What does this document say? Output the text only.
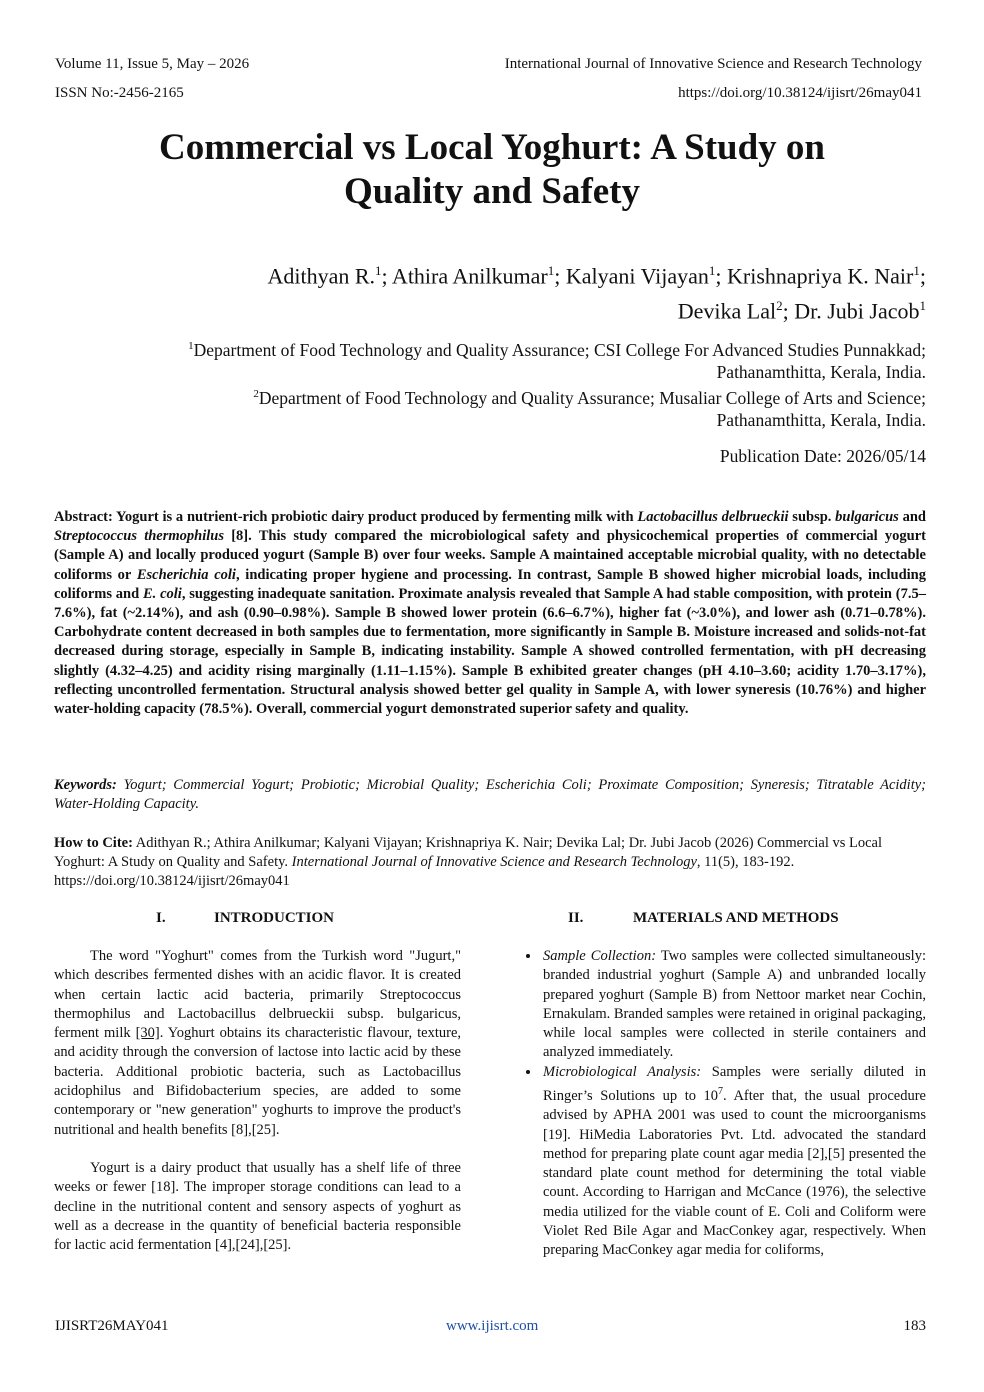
Volume 11, Issue 5, May – 2026
ISSN No:-2456-2165
International Journal of Innovative Science and Research Technology
https://doi.org/10.38124/ijisrt/26may041
Commercial vs Local Yoghurt: A Study on
Quality and Safety
Adithyan R.$^1$; Athira Anilkumar$^1$; Kalyani Vijayan$^1$; Krishnapriya K. Nair$^1$;
Devika Lal$^2$; Dr. Jubi Jacob$^1$
$^1$Department of Food Technology and Quality Assurance; CSI College For Advanced Studies Punnakkad;
Pathanamthitta, Kerala, India.
$^2$Department of Food Technology and Quality Assurance; Musaliar College of Arts and Science;
Pathanamthitta, Kerala, India.
Publication Date: 2026/05/14
Abstract: Yogurt is a nutrient-rich probiotic dairy product produced by fermenting milk with Lactobacillus delbrueckii subsp. bulgaricus and Streptococcus thermophilus [8]. This study compared the microbiological safety and physicochemical properties of commercial yogurt (Sample A) and locally produced yogurt (Sample B) over four weeks. Sample A maintained acceptable microbial quality, with no detectable coliforms or Escherichia coli, indicating proper hygiene and processing. In contrast, Sample B showed higher microbial loads, including coliforms and E. coli, suggesting inadequate sanitation. Proximate analysis revealed that Sample A had stable composition, with protein (7.5–7.6%), fat (~2.14%), and ash (0.90–0.98%). Sample B showed lower protein (6.6–6.7%), higher fat (~3.0%), and lower ash (0.71–0.78%). Carbohydrate content decreased in both samples due to fermentation, more significantly in Sample B. Moisture increased and solids-not-fat decreased during storage, especially in Sample B, indicating instability. Sample A showed controlled fermentation, with pH decreasing slightly (4.32–4.25) and acidity rising marginally (1.11–1.15%). Sample B exhibited greater changes (pH 4.10–3.60; acidity 1.70–3.17%), reflecting uncontrolled fermentation. Structural analysis showed better gel quality in Sample A, with lower syneresis (10.76%) and higher water-holding capacity (78.5%). Overall, commercial yogurt demonstrated superior safety and quality.
Keywords: Yogurt; Commercial Yogurt; Probiotic; Microbial Quality; Escherichia Coli; Proximate Composition; Syneresis; Titratable Acidity; Water-Holding Capacity.
How to Cite: Adithyan R.; Athira Anilkumar; Kalyani Vijayan; Krishnapriya K. Nair; Devika Lal; Dr. Jubi Jacob (2026) Commercial vs Local Yoghurt: A Study on Quality and Safety. International Journal of Innovative Science and Research Technology, 11(5), 183-192. https://doi.org/10.38124/ijisrt/26may041
I.	INTRODUCTION	II.	MATERIALS AND METHODS

The word "Yoghurt" comes from the Turkish word "Jugurt," which describes fermented dishes with an acidic flavor. It is created when certain lactic acid bacteria, primarily Streptococcus thermophilus and Lactobacillus delbrueckii subsp. bulgaricus, ferment milk [30]. Yoghurt obtains its characteristic flavour, texture, and acidity through the conversion of lactose into lactic acid by these bacteria. Additional probiotic bacteria, such as Lactobacillus acidophilus and Bifidobacterium species, are added to some contemporary or "new generation" yoghurts to improve the product's nutritional and health benefits [8],[25].

Yogurt is a dairy product that usually has a shelf life of three weeks or fewer [18]. The improper storage conditions can lead to a decline in the nutritional content and sensory aspects of yoghurt as well as a decrease in the quantity of beneficial bacteria responsible for lactic acid fermentation [4],[24],[25].

• Sample Collection: Two samples were collected simultaneously: branded industrial yoghurt (Sample A) and unbranded locally prepared yoghurt (Sample B) from Nettoor market near Cochin, Ernakulam. Branded samples were retained in original packaging, while local samples were collected in sterile containers and analyzed immediately.
• Microbiological Analysis: Samples were serially diluted in Ringer’s Solutions up to $10^7$. After that, the usual procedure advised by APHA 2001 was used to count the microorganisms [19]. HiMedia Laboratories Pvt. Ltd. advocated the standard method for preparing plate count agar media [2],[5] presented the standard plate count method for determining the total viable count. According to Harrigan and McCance (1976), the selective media utilized for the viable count of E. Coli and Coliform were Violet Red Bile Agar and MacConkey agar, respectively. When preparing MacConkey agar media for coliforms,
IJISRT26MAY041	www.ijisrt.com	183
